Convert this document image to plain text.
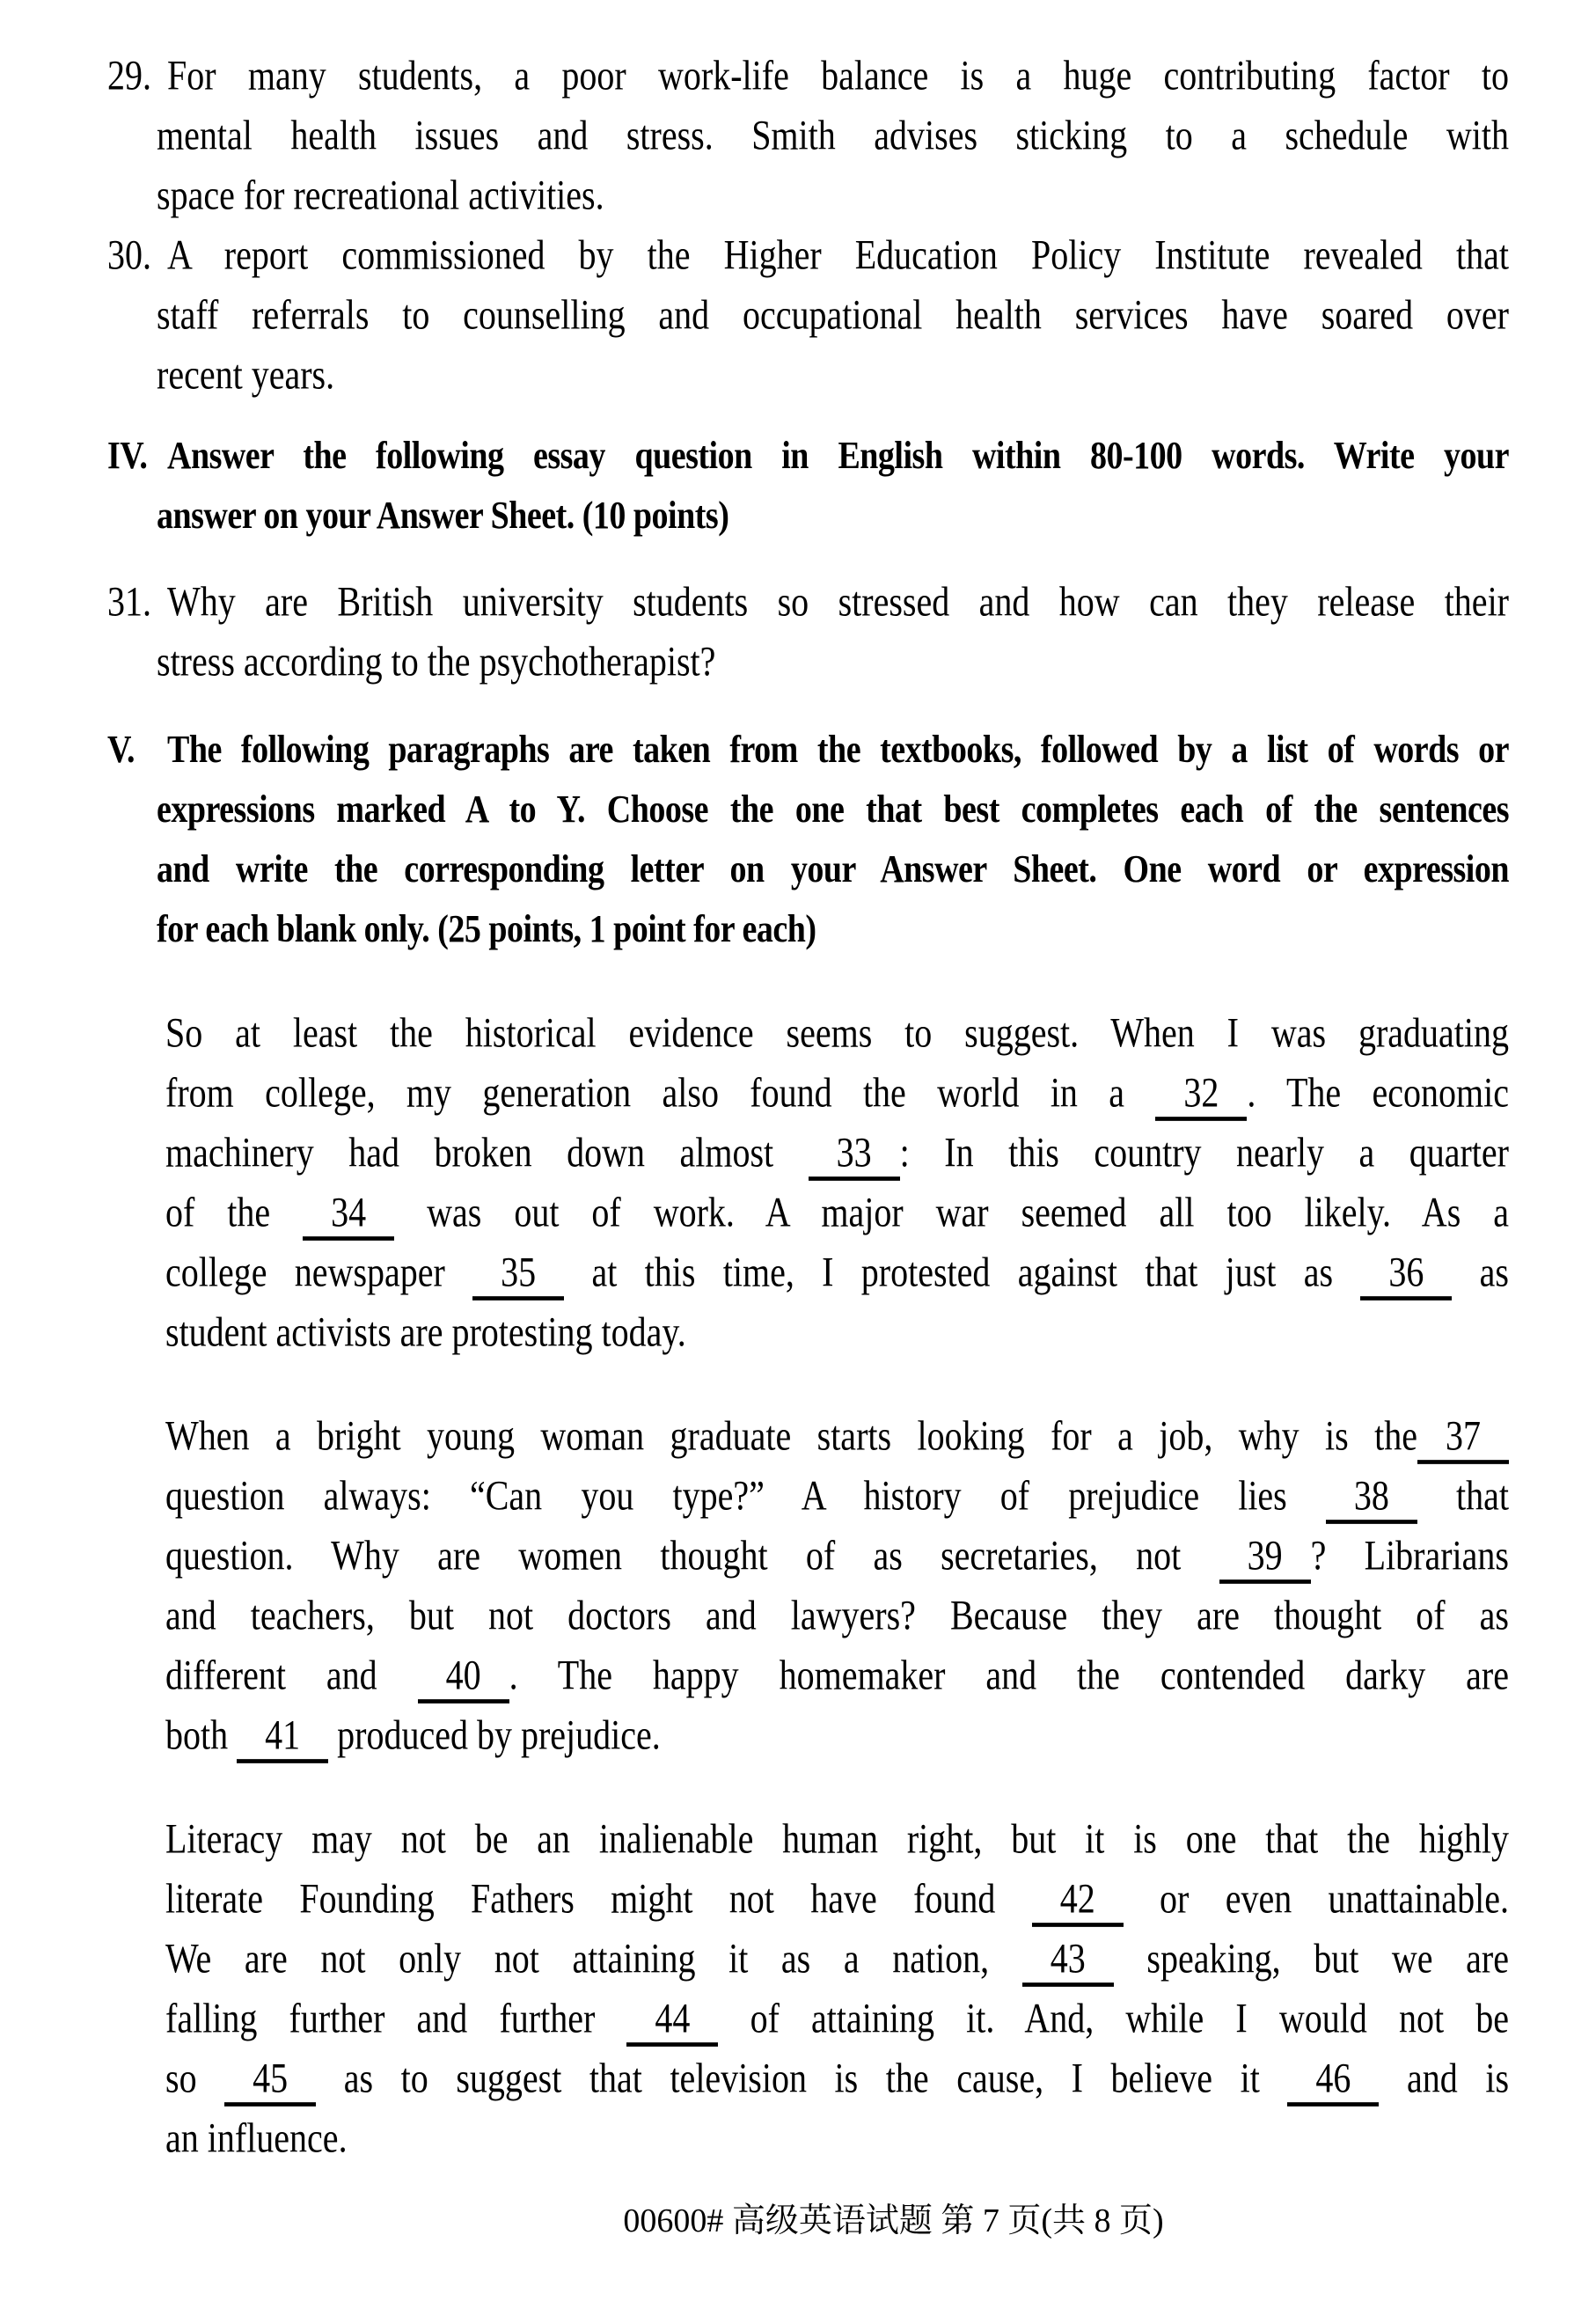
29. For many students, a poor work-life balance is a huge contributing factor to
mental health issues and stress. Smith advises sticking to a schedule with
space for recreational activities.
30. A report commissioned by the Higher Education Policy Institute revealed that
staff referrals to counselling and occupational health services have soared over
recent years.
IV. Answer the following essay question in English within 80-100 words. Write your
answer on your Answer Sheet. (10 points)
31. Why are British university students so stressed and how can they release their
stress according to the psychotherapist?
V. The following paragraphs are taken from the textbooks, followed by a list of words or
expressions marked A to Y. Choose the one that best completes each of the sentences
and write the corresponding letter on your Answer Sheet. One word or expression
for each blank only. (25 points, 1 point for each)
So at least the historical evidence seems to suggest. When I was graduating
from college, my generation also found the world in a 32 . The economic
machinery had broken down almost 33 : In this country nearly a quarter
of the 34 was out of work. A major war seemed all too likely. As a
college newspaper 35 at this time, I protested against that just as 36 as
student activists are protesting today.
When a bright young woman graduate starts looking for a job, why is the 37
question always: “Can you type?” A history of prejudice lies 38 that
question. Why are women thought of as secretaries, not 39 ? Librarians
and teachers, but not doctors and lawyers? Because they are thought of as
different and 40 . The happy homemaker and the contended darky are
both 41 produced by prejudice.
Literacy may not be an inalienable human right, but it is one that the highly
literate Founding Fathers might not have found 42 or even unattainable.
We are not only not attaining it as a nation, 43 speaking, but we are
falling further and further 44 of attaining it. And, while I would not be
so 45 as to suggest that television is the cause, I believe it 46 and is
an influence.
00600# 高级英语试题 第 7 页(共 8 页)
